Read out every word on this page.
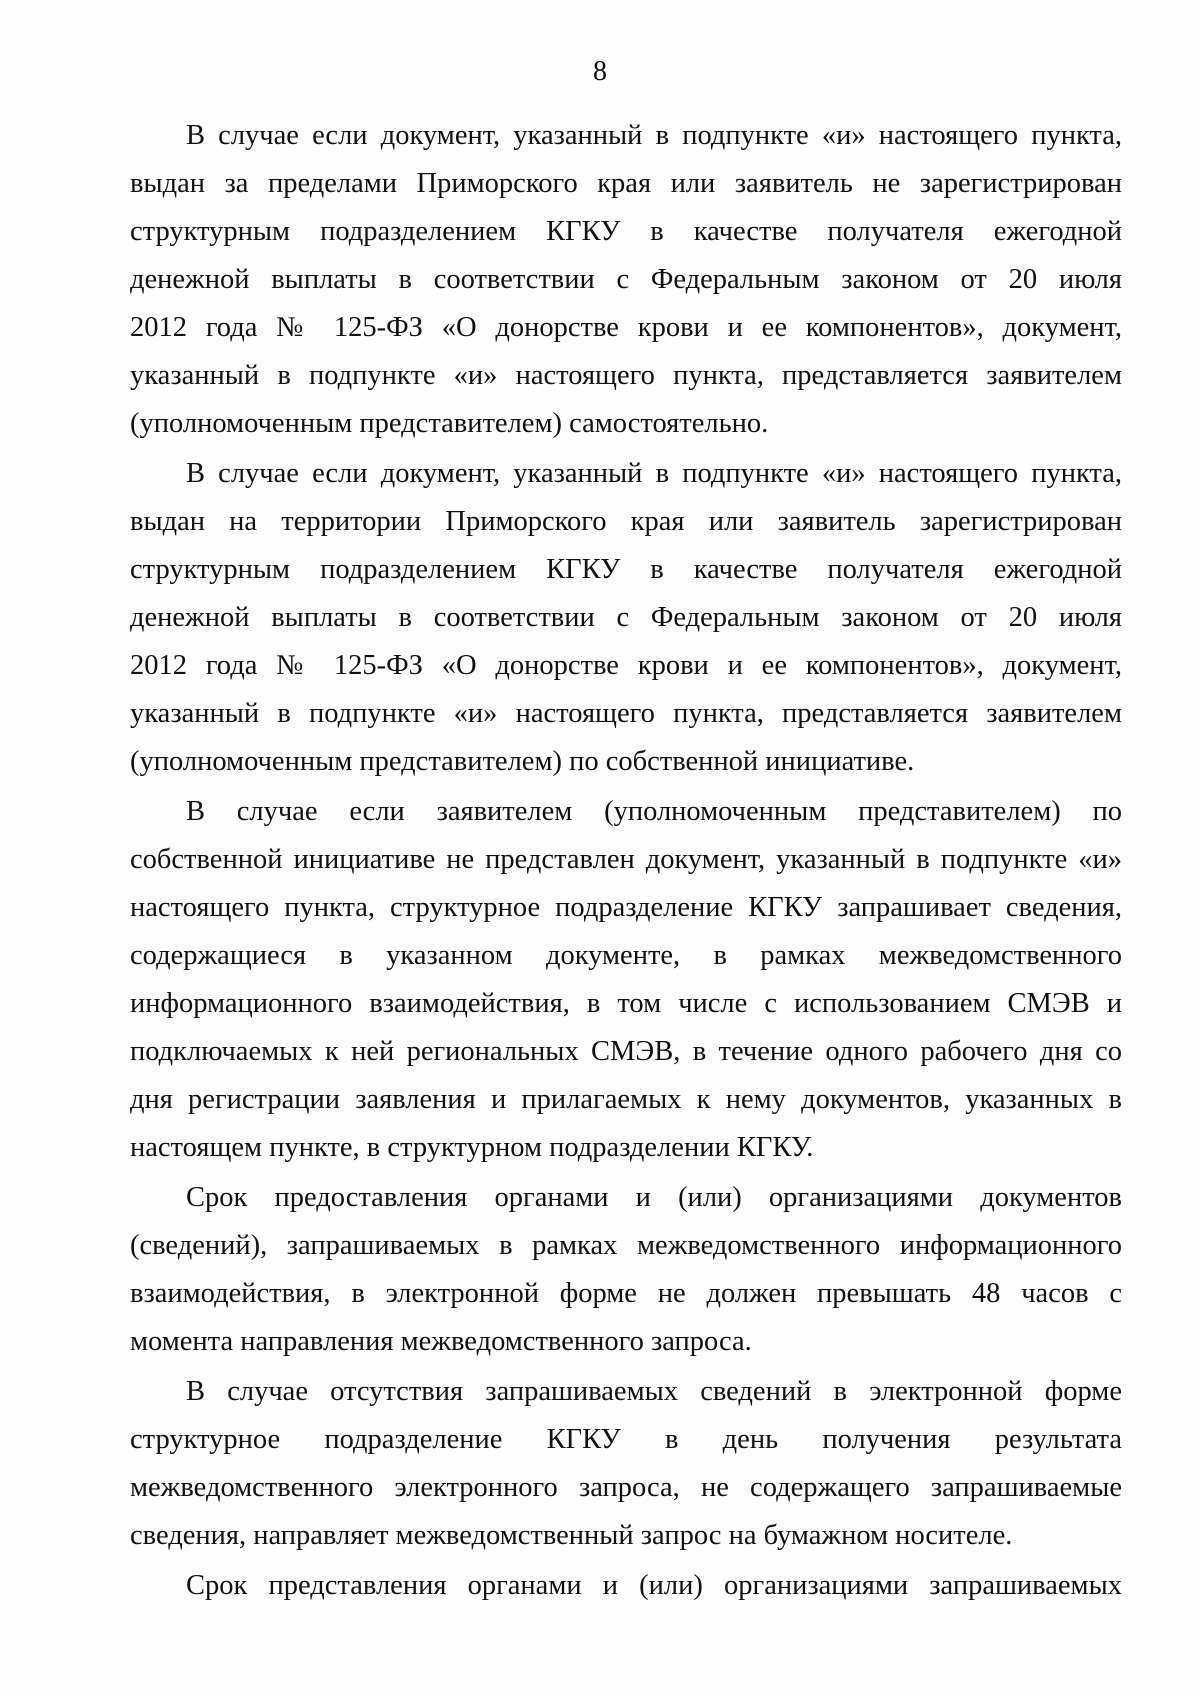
8
В случае если документ, указанный в подпункте «и» настоящего пункта,
выдан за пределами Приморского края или заявитель не зарегистрирован
структурным подразделением КГКУ в качестве получателя ежегодной
денежной выплаты в соответствии с Федеральным законом от 20 июля
2012 года № 125-ФЗ «О донорстве крови и ее компонентов», документ,
указанный в подпункте «и» настоящего пункта, представляется заявителем
(уполномоченным представителем) самостоятельно.
В случае если документ, указанный в подпункте «и» настоящего пункта,
выдан на территории Приморского края или заявитель зарегистрирован
структурным подразделением КГКУ в качестве получателя ежегодной
денежной выплаты в соответствии с Федеральным законом от 20 июля
2012 года № 125-ФЗ «О донорстве крови и ее компонентов», документ,
указанный в подпункте «и» настоящего пункта, представляется заявителем
(уполномоченным представителем) по собственной инициативе.
В случае если заявителем (уполномоченным представителем) по
собственной инициативе не представлен документ, указанный в подпункте «и»
настоящего пункта, структурное подразделение КГКУ запрашивает сведения,
содержащиеся в указанном документе, в рамках межведомственного
информационного взаимодействия, в том числе с использованием СМЭВ и
подключаемых к ней региональных СМЭВ, в течение одного рабочего дня со
дня регистрации заявления и прилагаемых к нему документов, указанных в
настоящем пункте, в структурном подразделении КГКУ.
Срок предоставления органами и (или) организациями документов
(сведений), запрашиваемых в рамках межведомственного информационного
взаимодействия, в электронной форме не должен превышать 48 часов с
момента направления межведомственного запроса.
В случае отсутствия запрашиваемых сведений в электронной форме
структурное подразделение КГКУ в день получения результата
межведомственного электронного запроса, не содержащего запрашиваемые
сведения, направляет межведомственный запрос на бумажном носителе.
Срок представления органами и (или) организациями запрашиваемых
